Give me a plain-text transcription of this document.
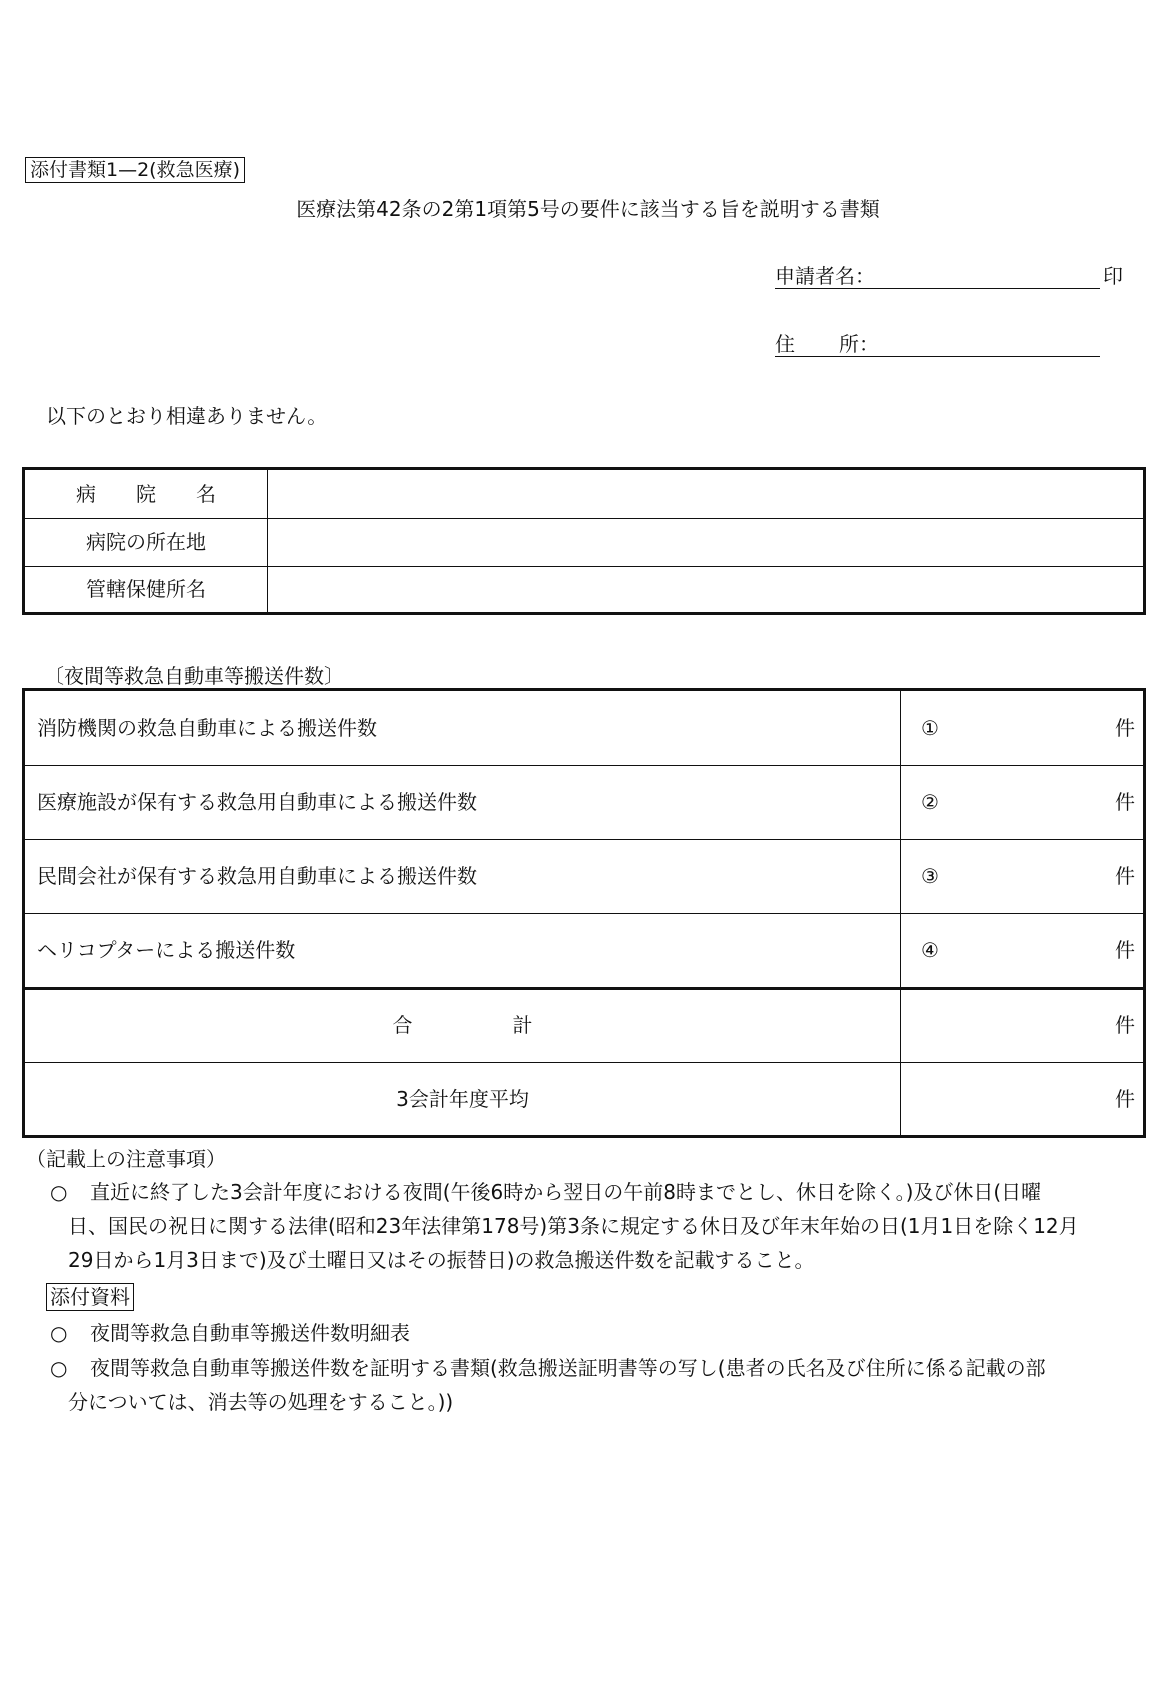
添付書類1—2(救急医療)
医療法第42条の2第1項第5号の要件に該当する旨を説明する書類
申請者名：	印
住 所：
以下のとおり相違ありません。
病　　院　　名
病院の所在地
管轄保健所名
〔夜間等救急自動車等搬送件数〕
消防機関の救急自動車による搬送件数	①	件
医療施設が保有する救急用自動車による搬送件数	②	件
民間会社が保有する救急用自動車による搬送件数	③	件
ヘリコプターによる搬送件数	④	件
合　　　　　計	件
3会計年度平均	件
（記載上の注意事項）
○ 直近に終了した3会計年度における夜間(午後6時から翌日の午前8時までとし、休日を除く。)及び休日(日曜
日、国民の祝日に関する法律(昭和23年法律第178号)第3条に規定する休日及び年末年始の日(1月1日を除く12月
29日から1月3日まで)及び土曜日又はその振替日)の救急搬送件数を記載すること。
添付資料
○ 夜間等救急自動車等搬送件数明細表
○ 夜間等救急自動車等搬送件数を証明する書類(救急搬送証明書等の写し(患者の氏名及び住所に係る記載の部
分については、消去等の処理をすること。))
